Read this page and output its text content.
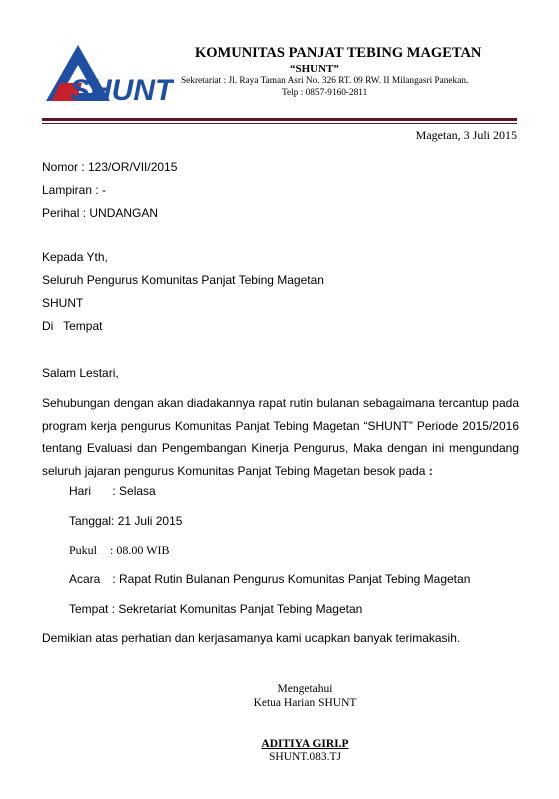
SHUNT
KOMUNITAS PANJAT TEBING MAGETAN
“SHUNT”
Sekretariat : Jl. Raya Taman Asri No. 326 RT. 09 RW. II Milangasri Panekan.
Telp : 0857-9160-2811
Magetan, 3 Juli 2015
Nomor : 123/OR/VII/2015
Lampiran : -
Perihal : UNDANGAN
Kepada Yth,
Seluruh Pengurus Komunitas Panjat Tebing Magetan
SHUNT
Di   Tempat
Salam Lestari,
Sehubungan dengan akan diadakannya rapat rutin bulanan sebagaimana tercantup pada program kerja pengurus Komunitas Panjat Tebing Magetan “SHUNT” Periode 2015/2016 tentang Evaluasi dan Pengembangan Kinerja Pengurus, Maka dengan ini mengundang seluruh jajaran pengurus Komunitas Panjat Tebing Magetan besok pada :
Hari : Selasa
Tanggal: 21 Juli 2015
Pukul : 08.00 WIB
Acara : Rapat Rutin Bulanan Pengurus Komunitas Panjat Tebing Magetan
Tempat : Sekretariat Komunitas Panjat Tebing Magetan
Demikian atas perhatian dan kerjasamanya kami ucapkan banyak terimakasih.
Mengetahui
Ketua Harian SHUNT
ADITIYA GIRI.P
SHUNT.083.TJ
